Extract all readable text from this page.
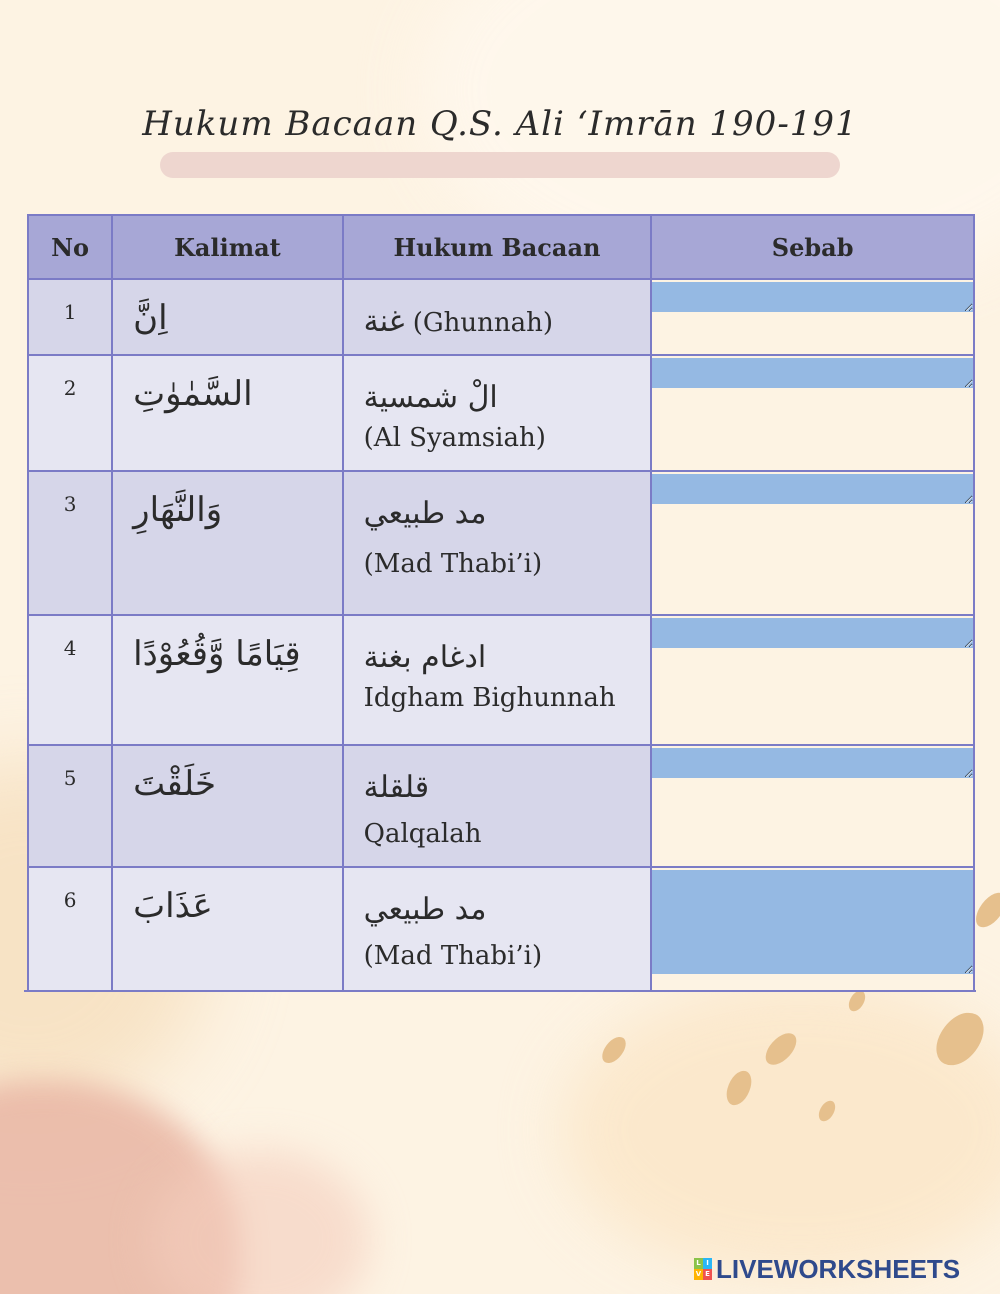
Hukum Bacaan Q.S. Ali ʻImrān 190-191
No	Kalimat	Hukum Bacaan	Sebab
1	اِنَّ	غنة (Ghunnah)	

2	السَّمٰوٰتِ	الْ شمسية
(Al Syamsiah)

3	وَالنَّهَارِ	مد طبيعي
(Mad Thabi’i)

4	قِيَامًا وَّقُعُوْدًا	ادغام بغنة
Idgham Bighunnah

5	خَلَقْتَ	قلقلة
Qalqalah

6	عَذَابَ	مد طبيعي
(Mad Thabi’i)

L I
V E LIVEWORKSHEETS
